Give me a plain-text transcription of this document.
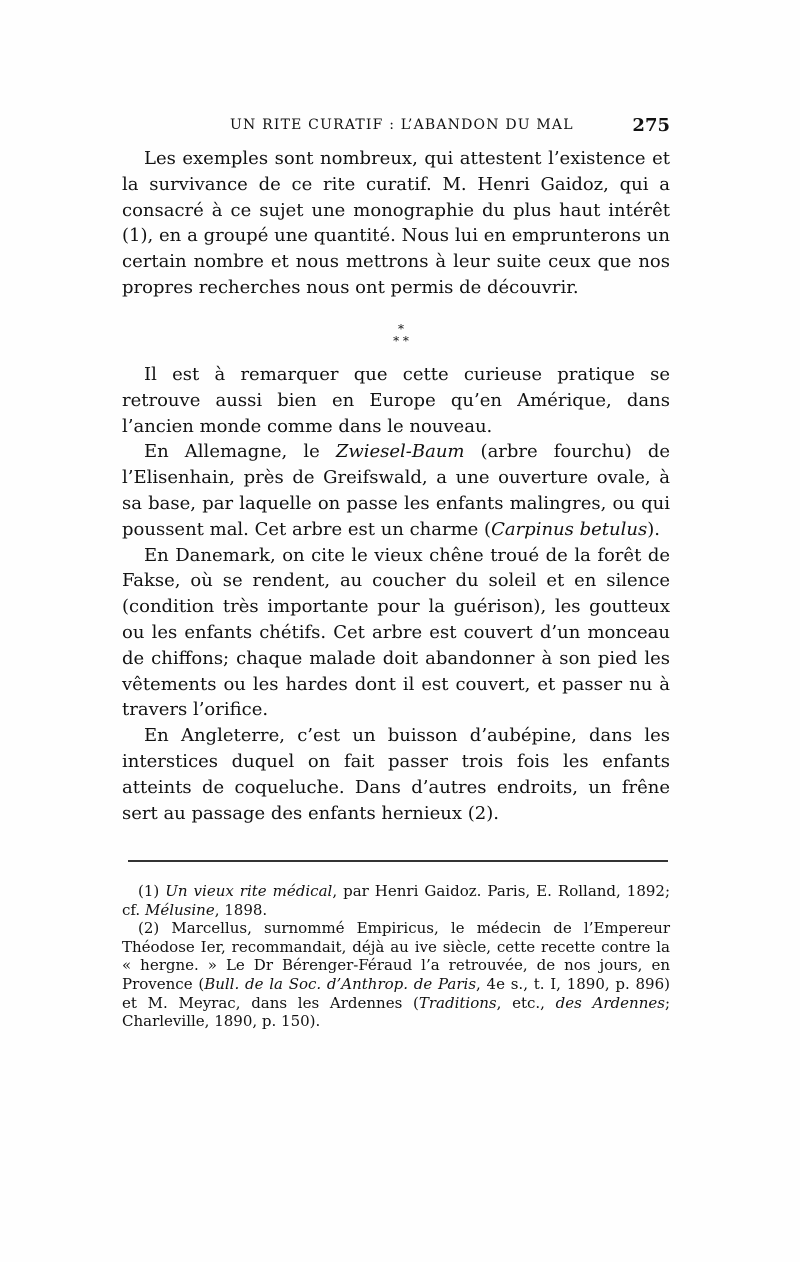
UN RITE CURATIF : L’ABANDON DU MAL	275

Les exemples sont nombreux, qui attestent l’existence et la survivance de ce rite curatif. M. Henri Gaidoz, qui a consacré à ce sujet une monographie du plus haut intérêt (1), en a groupé une quantité. Nous lui en emprunterons un certain nombre et nous mettrons à leur suite ceux que nos propres recherches nous ont permis de découvrir.

*
* *

Il est à remarquer que cette curieuse pratique se retrouve aussi bien en Europe qu’en Amérique, dans l’ancien monde comme dans le nouveau.

En Allemagne, le Zwiesel-Baum (arbre fourchu) de l’Elisenhain, près de Greifswald, a une ouverture ovale, à sa base, par laquelle on passe les enfants malingres, ou qui poussent mal. Cet arbre est un charme (Carpinus betulus).

En Danemark, on cite le vieux chêne troué de la forêt de Fakse, où se rendent, au coucher du soleil et en silence (condition très importante pour la guérison), les goutteux ou les enfants chétifs. Cet arbre est couvert d’un monceau de chiffons; chaque malade doit abandonner à son pied les vêtements ou les hardes dont il est couvert, et passer nu à travers l’orifice.

En Angleterre, c’est un buisson d’aubépine, dans les interstices duquel on fait passer trois fois les enfants atteints de coqueluche. Dans d’autres endroits, un frêne sert au passage des enfants hernieux (2).

(1) Un vieux rite médical, par Henri Gaidoz. Paris, E. Rolland, 1892; cf. Mélusine, 1898.

(2) Marcellus, surnommé Empiricus, le médecin de l’Empereur Théodose Ier, recommandait, déjà au ive siècle, cette recette contre la « hergne. » Le Dr Bérenger-Féraud l’a retrouvée, de nos jours, en Provence (Bull. de la Soc. d’Anthrop. de Paris, 4e s., t. I, 1890, p. 896) et M. Meyrac, dans les Ardennes (Traditions, etc., des Ardennes; Charleville, 1890, p. 150).
